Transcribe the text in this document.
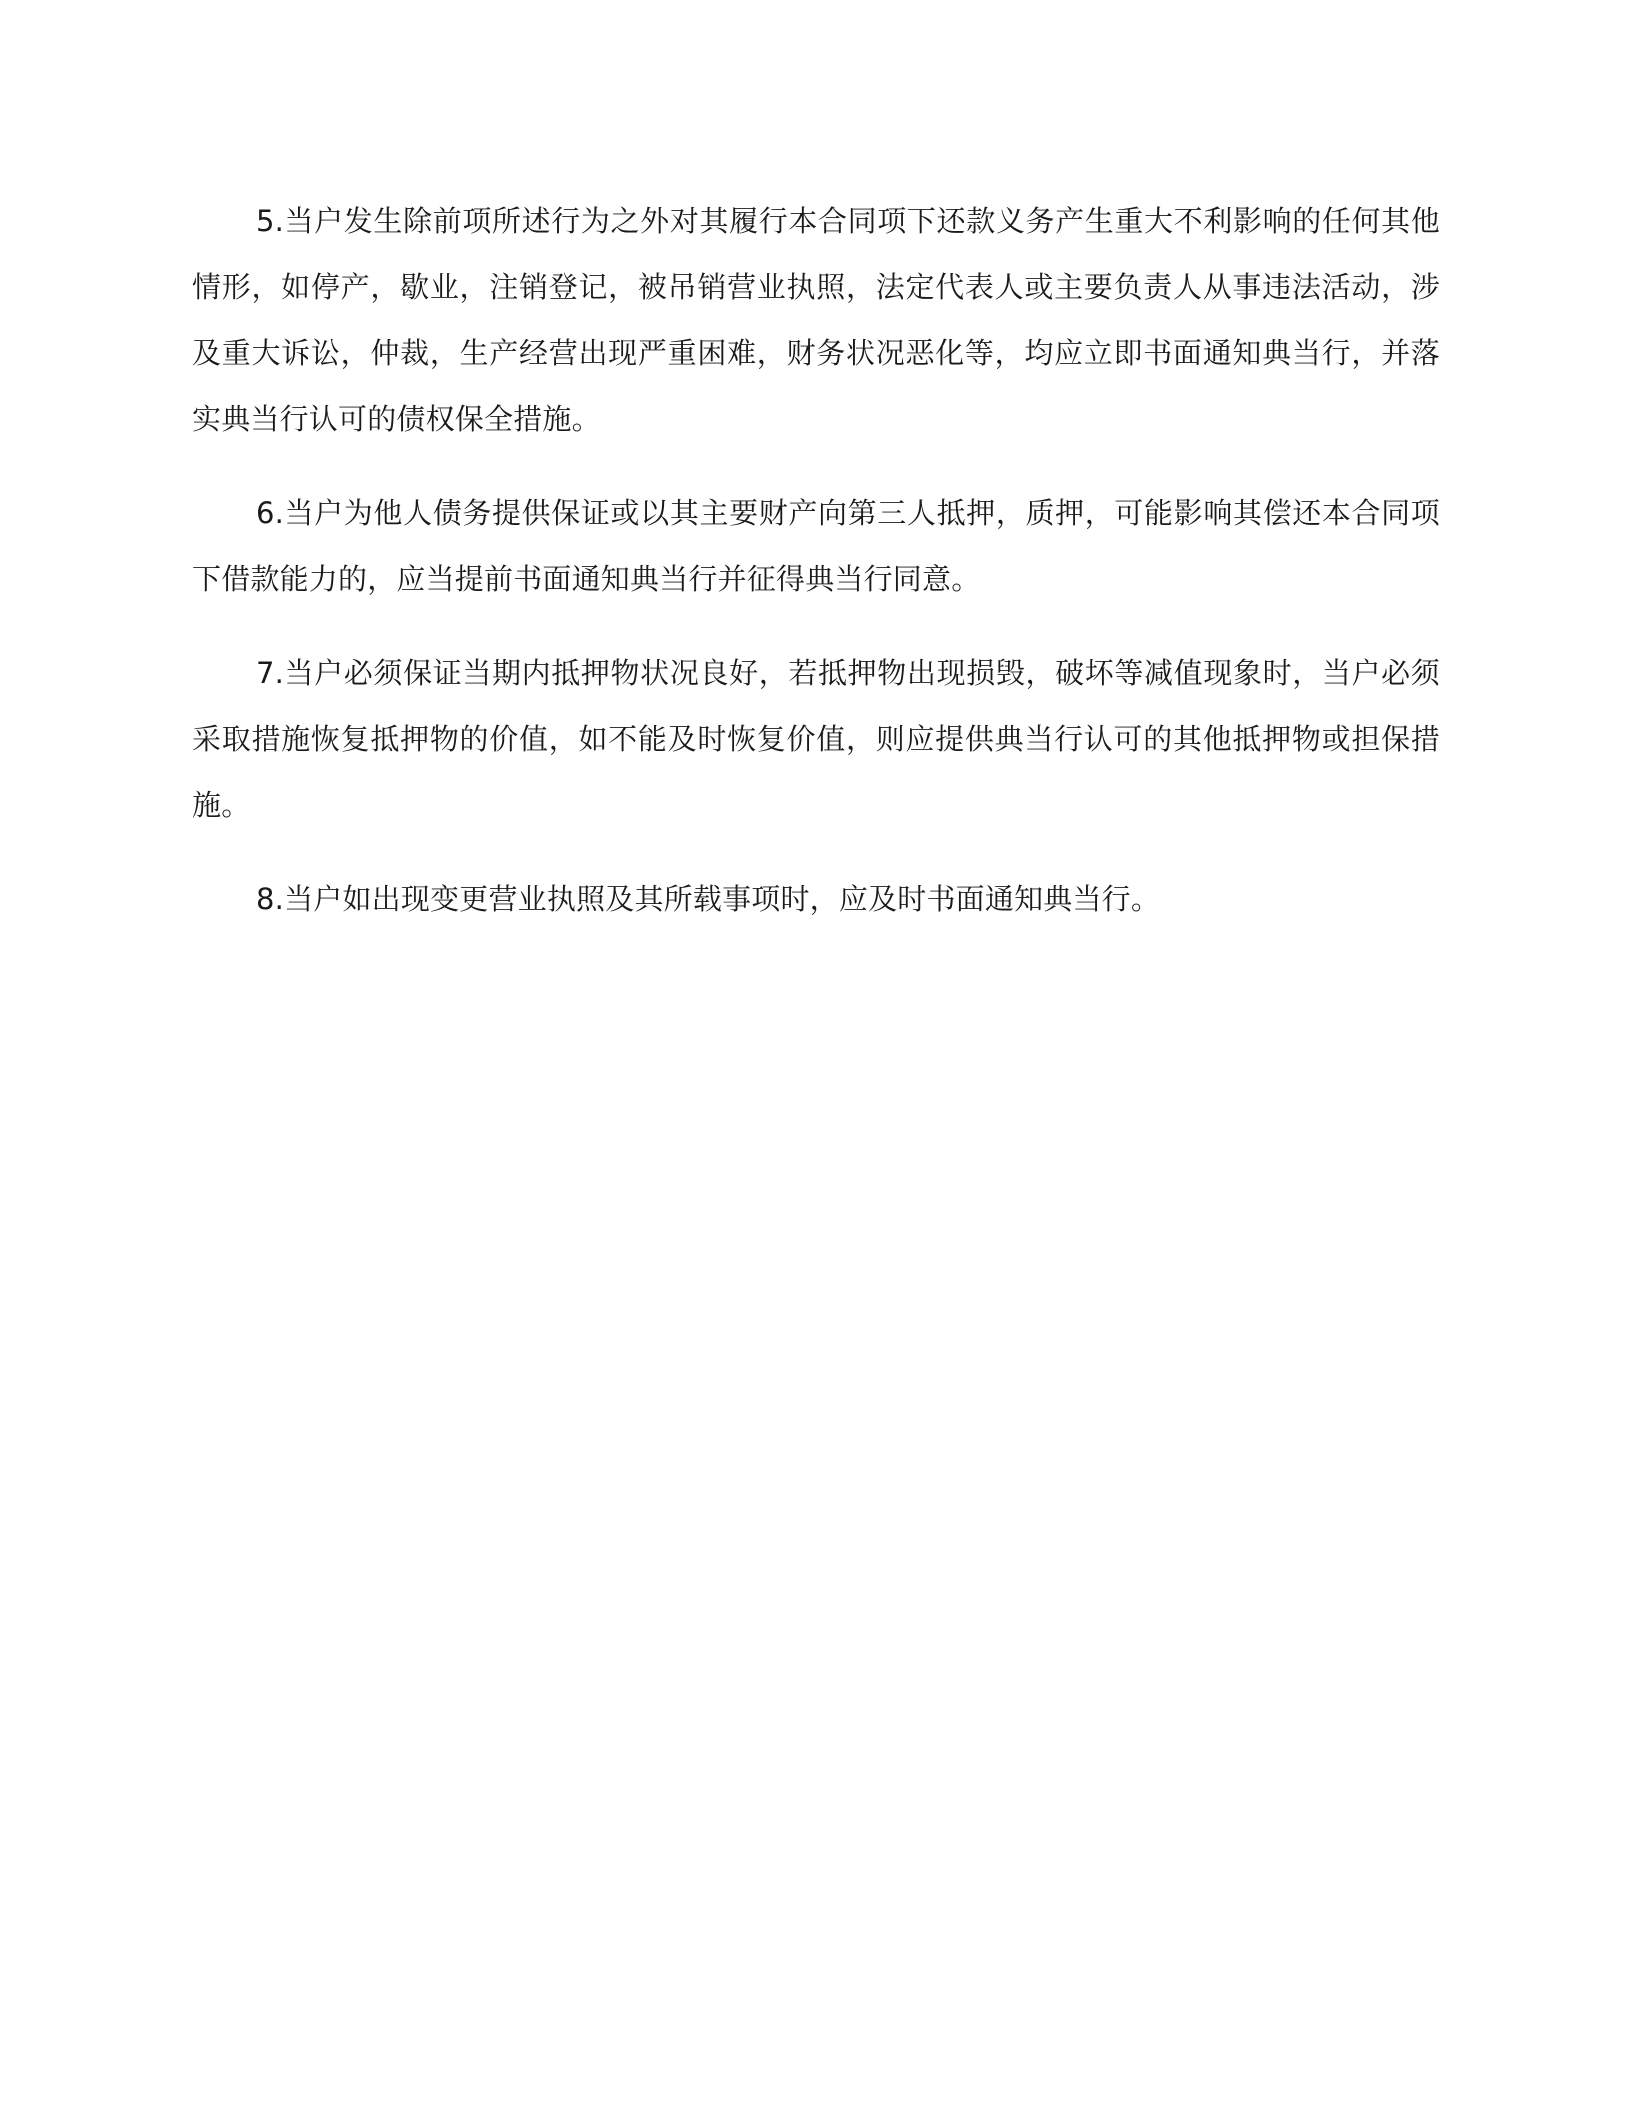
5.当户发生除前项所述行为之外对其履行本合同项下还款义务产生重大不利影响的任何其他情形，如停产，歇业，注销登记，被吊销营业执照，法定代表人或主要负责人从事违法活动，涉及重大诉讼，仲裁，生产经营出现严重困难，财务状况恶化等，均应立即书面通知典当行，并落实典当行认可的债权保全措施。

6.当户为他人债务提供保证或以其主要财产向第三人抵押，质押，可能影响其偿还本合同项下借款能力的，应当提前书面通知典当行并征得典当行同意。

7.当户必须保证当期内抵押物状况良好，若抵押物出现损毁，破坏等减值现象时，当户必须采取措施恢复抵押物的价值，如不能及时恢复价值，则应提供典当行认可的其他抵押物或担保措施。

8.当户如出现变更营业执照及其所载事项时，应及时书面通知典当行。
